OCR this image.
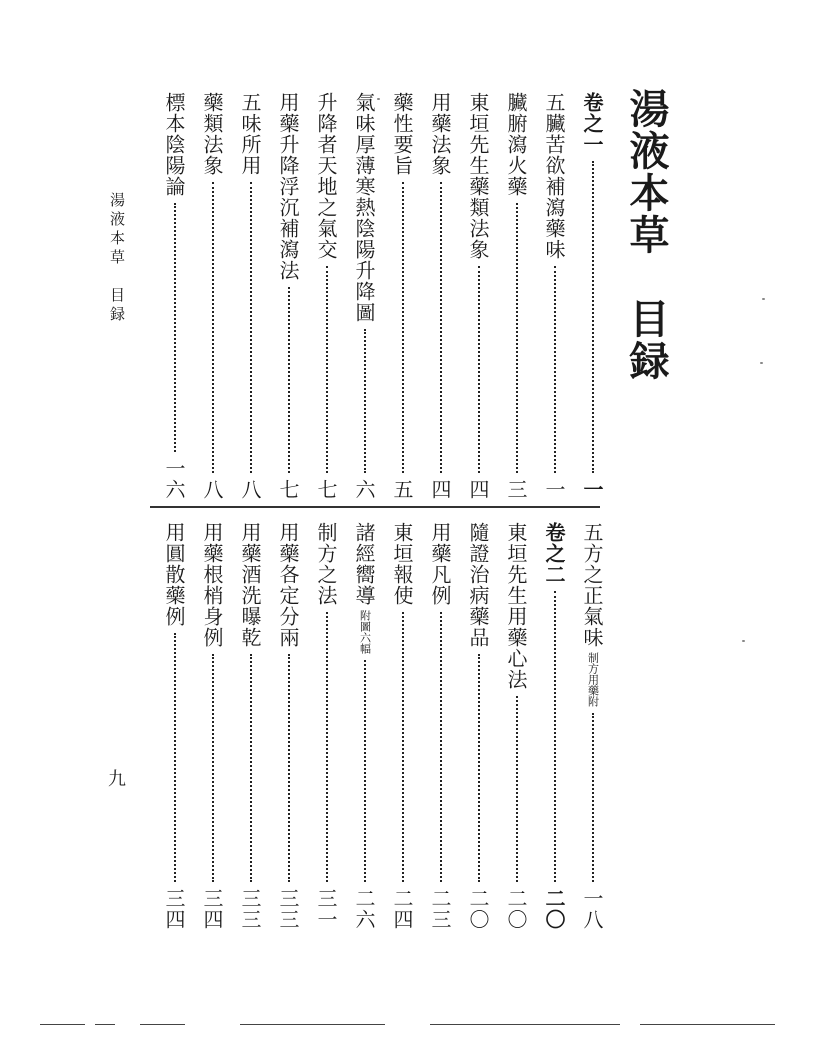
湯液本草　目録
卷之一
一
五臟苦欲補瀉藥味
一
臟腑瀉火藥
三
東垣先生藥類法象
四
用藥法象
四
藥性要旨
五
氣味厚薄寒熱陰陽升降圖
六
升降者天地之氣交
七
用藥升降浮沉補瀉法
七
五味所用
八
藥類法象
八
標本陰陽論
一六
五方之正氣味
制方用藥附
一八
卷之二
二〇
東垣先生用藥心法
二〇
隨證治病藥品
二〇
用藥凡例
二三
東垣報使
二四
諸經嚮導
附圖六幅
二六
制方之法
三一
用藥各定分兩
三三
用藥酒洗曝乾
三三
用藥根梢身例
三四
用圓散藥例
三四
湯液本草　目録
九
